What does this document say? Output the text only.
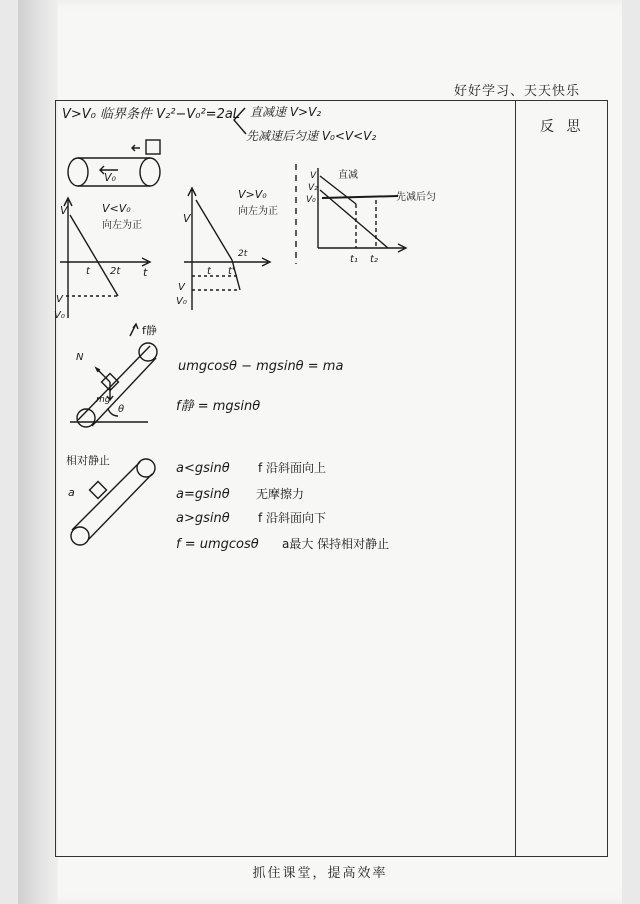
好好学习、天天快乐
反 思
V>V₀ 临界条件 V₂²−V₀²=2aL 直减速 V>V₂
先减速后匀速 V₀<V<V₂
V₀
V
t
t 2t
V
V₀
V<V₀
向左为正
V
t t'
2t
V
V₀
V>V₀
向左为正
V
V₂
V₀
直减
先减后匀
t₁ t₂
f静
N
mg
θ
umgcosθ − mgsinθ = ma
f静 = mgsinθ
相对静止
a
a<gsinθ f 沿斜面向上
a=gsinθ 无摩擦力
a>gsinθ f 沿斜面向下
f = umgcosθ a最大 保持相对静止
抓住课堂，提高效率
